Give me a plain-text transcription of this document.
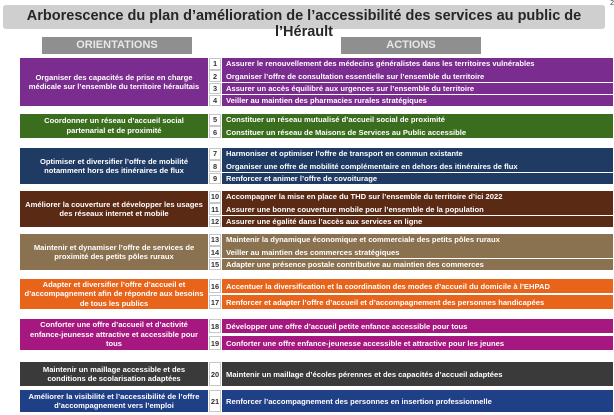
Arborescence du plan d’amélioration de l’accessibilité des services au public de l’Hérault
2
ORIENTATIONS	ACTIONS
Organiser des capacités de prise en charge médicale sur l’ensemble du territoire héraultais
1	Assurer le renouvellement des médecins généralistes dans les territoires vulnérables
2	Organiser l’offre de consultation essentielle sur l’ensemble du territoire
3	Assurer un accès équilibré aux urgences sur l’ensemble du territoire
4	Veiller au maintien des pharmacies rurales stratégiques
Coordonner un réseau d’accueil social partenarial et de proximité
5	Constituer un réseau mutualisé d’accueil social de proximité
6	Constituer un réseau de Maisons de Services au Public accessible
Optimiser et diversifier l’offre de mobilité notamment hors des itinéraires de flux
7	Harmoniser et optimiser l’offre de transport en commun existante
8	Organiser une offre de mobilité complémentaire en dehors des itinéraires de flux
9	Renforcer et animer l’offre de covoiturage
Améliorer la couverture et développer les usages des réseaux internet et mobile
10 Accompagner la mise en place du THD sur l’ensemble du territoire d’ici 2022
11 Assurer une bonne couverture mobile pour l’ensemble de la population
12 Assurer une égalité dans l’accès aux services en ligne
Maintenir et dynamiser l’offre de services de proximité des petits pôles ruraux
13 Maintenir la dynamique économique et commerciale des petits pôles ruraux
14 Veiller au maintien des commerces stratégiques
15 Adapter une présence postale contributive au maintien des commerces
Adapter et diversifier l’offre d’accueil et d’accompagnement afin de répondre aux besoins de tous les publics
16 Accentuer la diversification et la coordination des modes d’accueil du domicile à l’EHPAD
17 Renforcer et adapter l’offre d’accueil et d’accompagnement des personnes handicapées
Conforter une offre d’accueil et d’activité enfance-jeunesse attractive et accessible pour tous
18 Développer une offre d’accueil petite enfance accessible pour tous
19 Conforter une offre enfance-jeunesse accessible et attractive pour les jeunes
Maintenir un maillage accessible et des conditions de scolarisation adaptées	20 Maintenir un maillage d’écoles pérennes et des capacités d’accueil adaptées
Améliorer la visibilité et l’accessibilité de l’offre d’accompagnement vers l’emploi	21 Renforcer l’accompagnement des personnes en insertion professionnelle
